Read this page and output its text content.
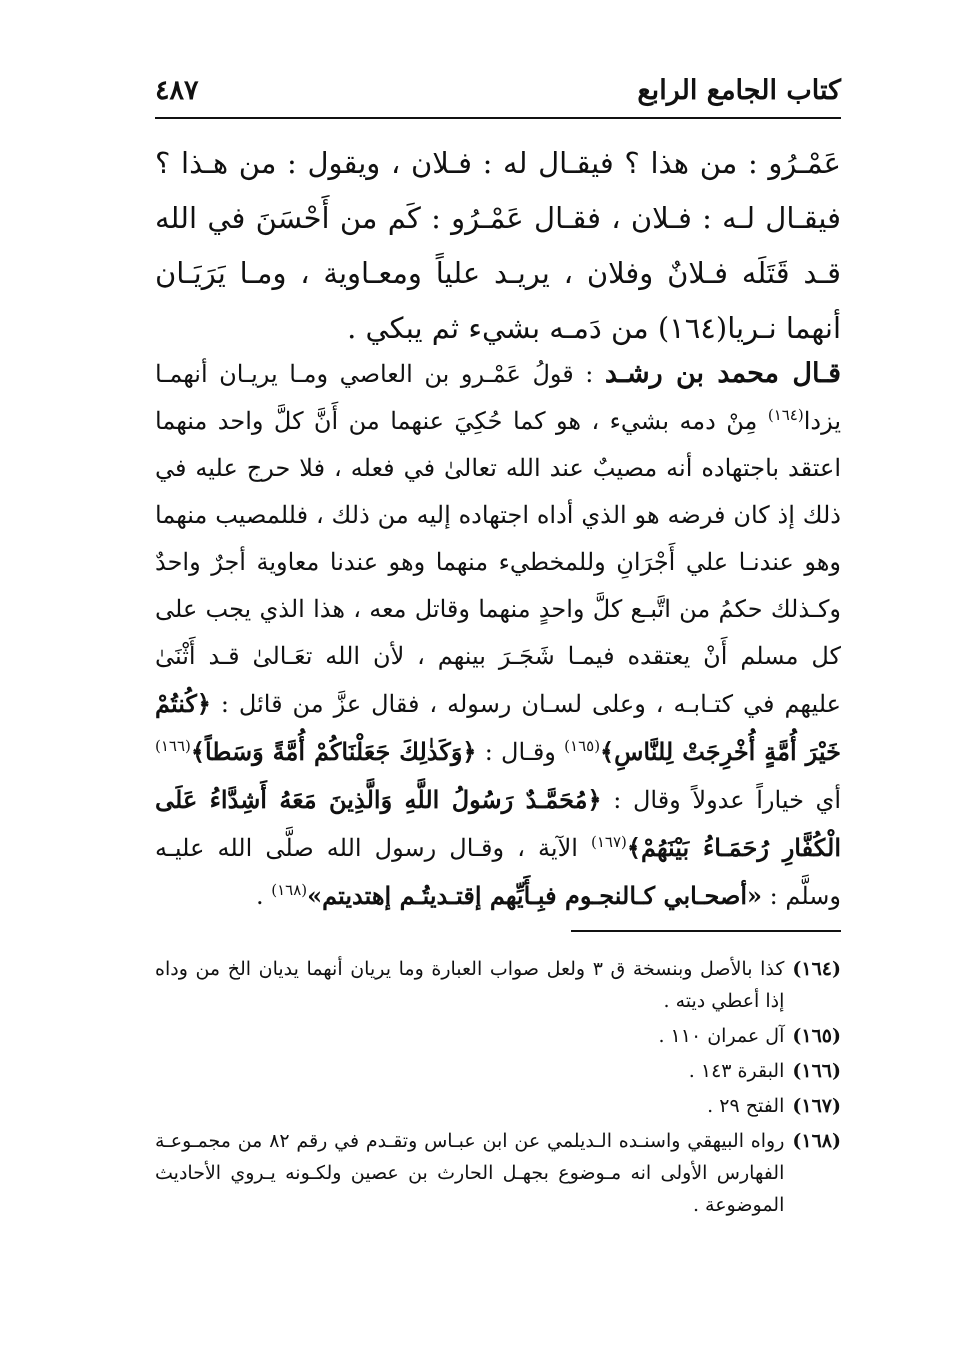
كتاب الجامع الرابع
٤٨٧

عَمْـرُو : من هذا ؟ فيقـال له : فـلان ، ويقول : من هـذا ؟ فيقـال لـه : فـلان ، فقـال عَمْـرُو : كَم من أَحْسَنَ في الله قـد قَتَلَه فـلانٌ وفلان ، يريـد علياً ومعـاوية ، ومـا يَرَيَـان أنهما نـريا(١٦٤) من دَمـه بشيء ثم يبكي .

قـال محمد بن رشـد : قولُ عَمْـرو بن العاصي ومـا يريـان أنهمـا يزدا$^{(١٦٤)}$ مِنْ دمه بشيء ، هو كما حُكِيَ عنهما من أَنَّ كلَّ واحد منهما اعتقد باجتهاده أنه مصيبٌ عند الله تعالىٰ في فعله ، فلا حرج عليه في ذلك إذ كان فرضه هو الذي أداه اجتهاده إليه من ذلك ، فللمصيب منهما وهو عندنـا علي أَجْرَانِ وللمخطيء منهما وهو عندنا معاوية أجرٌ واحدٌ وكـذلك حكمُ من اتَّبـع كلَّ واحدٍ منهما وقاتل معه ، هذا الذي يجب على كل مسلم أَنْ يعتقده فيمـا شَجَـرَ بينهم ، لأن الله تعَـالىٰ قـد أَثْنَىٰ عليهم في كتـابـه ، وعلى لسـان رسوله ، فقال عزَّ من قائل : ﴿كُنتُمْ خَيْرَ أُمَّةٍ أُخْرِجَتْ لِلنَّاسِ﴾$^{(١٦٥)}$ وقـال : ﴿وَكَذٰلِكَ جَعَلْنَاكُمْ أُمَّةً وَسَطاً﴾$^{(١٦٦)}$ أي خياراً عدولاً وقال : ﴿مُحَمَّـدٌ رَسُولُ اللَّهِ وَالَّذِينَ مَعَهُ أَشِدَّاءُ عَلَى الْكُفَّارِ رُحَمَـاءُ بَيْنَهُمْ﴾$^{(١٦٧)}$ الآية ، وقـال رسول الله صلَّى الله عليـه وسلَّم : «أصحـابي كـالنجـوم فبِـأَيِّهم إقتـديتُـم إهتديتم»$^{(١٦٨)}$ .

(١٦٤)
كذا بالأصل وبنسخة ق ٣ ولعل صواب العبارة وما يريان أنهما يديان الخ من وداه إذا أعطي ديته .
(١٦٥)
آل عمران ١١٠ .
(١٦٦)
البقرة ١٤٣ .
(١٦٧)
الفتح ٢٩ .
(١٦٨)
رواه البيهقي واسنـده الـديلمي عن ابن عبـاس وتقـدم في رقم ٨٢ من مجمـوعـة الفهارس الأولى انه مـوضوع بجهـل الحارث بن عصين ولكـونه يـروي الأحاديث الموضوعة .
